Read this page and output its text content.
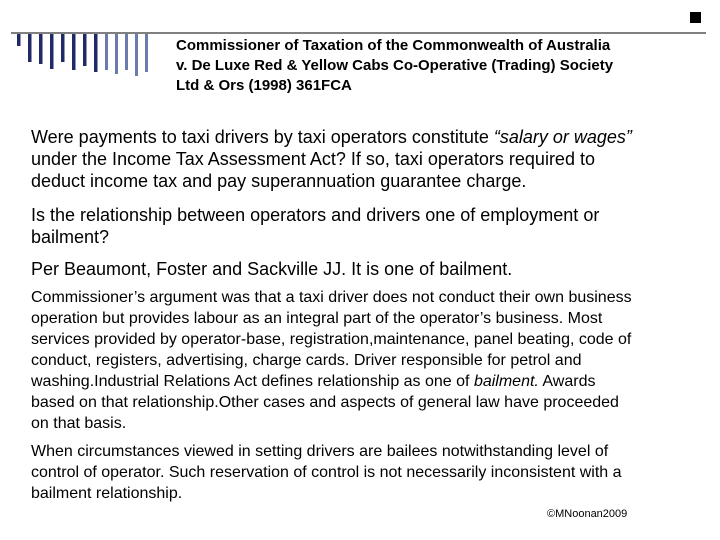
Commissioner of Taxation of the Commonwealth of Australia
v. De Luxe Red & Yellow Cabs Co-Operative (Trading) Society
Ltd & Ors (1998) 361FCA
Were payments to taxi drivers by taxi operators constitute “salary or wages”
under the Income Tax Assessment Act? If so, taxi operators required to
deduct income tax and pay superannuation guarantee charge.
Is the relationship between operators and drivers one of employment or
bailment?
Per Beaumont, Foster and Sackville JJ. It is one of bailment.
Commissioner’s argument was that a taxi driver does not conduct their own business
operation but provides labour as an integral part of the operator’s business. Most
services provided by operator-base, registration,maintenance, panel beating, code of
conduct, registers, advertising, charge cards. Driver responsible for petrol and
washing.Industrial Relations Act defines relationship as one of bailment. Awards
based on that relationship.Other cases and aspects of general law have proceeded
on that basis.
When circumstances viewed in setting drivers are bailees notwithstanding level of
control of operator. Such reservation of control is not necessarily inconsistent with a
bailment relationship.
©MNoonan2009
